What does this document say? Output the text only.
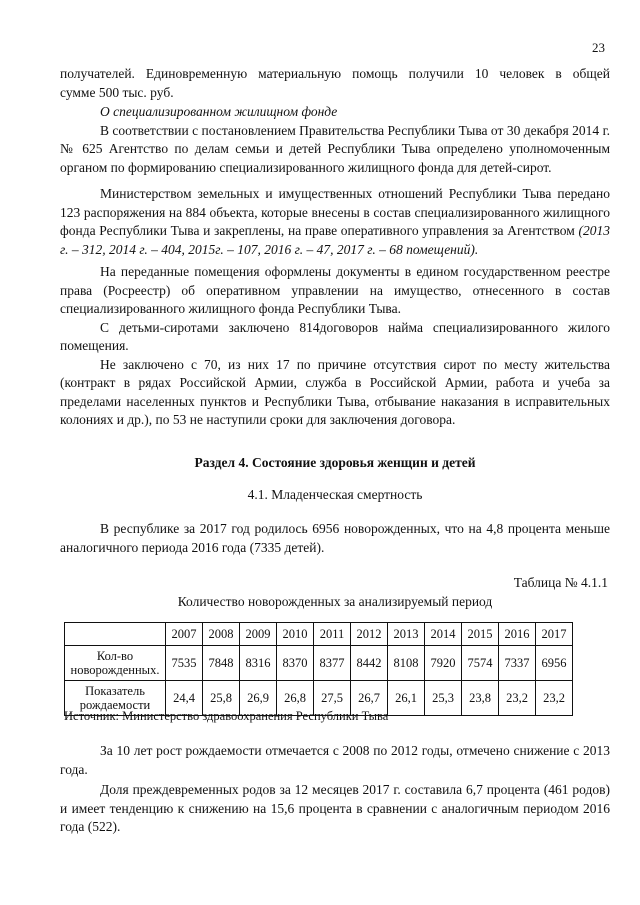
23

получателей. Единовременную материальную помощь получили 10 человек в общей

сумме 500 тыс. руб.

О специализированном жилищном фонде

В соответствии с постановлением Правительства Республики Тыва от 30 декабря 2014 г. № 625 Агентство по делам семьи и детей Республики Тыва определено уполномоченным органом по формированию специализированного жилищного фонда для детей-сирот.

Министерством земельных и имущественных отношений Республики Тыва передано 123 распоряжения на 884 объекта, которые внесены в состав специализированного жилищного фонда Республики Тыва и закреплены, на праве оперативного управления за Агентством (2013 г. – 312, 2014 г. – 404, 2015г. – 107, 2016 г. – 47, 2017 г. – 68 помещений).

На переданные помещения оформлены документы в едином государственном реестре права (Росреестр) об оперативном управлении на имущество, отнесенного в состав специализированного жилищного фонда Республики Тыва.

С детьми-сиротами заключено 814договоров найма специализированного жилого помещения.

Не заключено с 70, из них 17 по причине отсутствия сирот по месту жительства (контракт в рядах Российской Армии, служба в Российской Армии, работа и учеба за пределами населенных пунктов и Республики Тыва, отбывание наказания в исправительных колониях и др.), по 53 не наступили сроки для заключения договора.

Раздел 4. Состояние здоровья женщин и детей
4.1. Младенческая смертность

В республике за 2017 год родилось 6956 новорожденных, что на 4,8 процента меньше аналогичного периода 2016 года (7335 детей).

Таблица № 4.1.1
Количество новорожденных за анализируемый период
	2007	2008	2009	2010	2011	2012	2013	2014	2015	2016	2017
Кол-во новорожденных.	7535	7848	8316	8370	8377	8442	8108	7920	7574	7337	6956
Показатель рождаемости	24,4	25,8	26,9	26,8	27,5	26,7	26,1	25,3	23,8	23,2	23,2
Источник: Министерство здравоохранения Республики Тыва

За 10 лет рост рождаемости отмечается с 2008 по 2012 годы, отмечено снижение с 2013 года.

Доля преждевременных родов за 12 месяцев 2017 г. составила 6,7 процента (461 родов) и имеет тенденцию к снижению на 15,6 процента в сравнении с аналогичным периодом 2016 года (522).
